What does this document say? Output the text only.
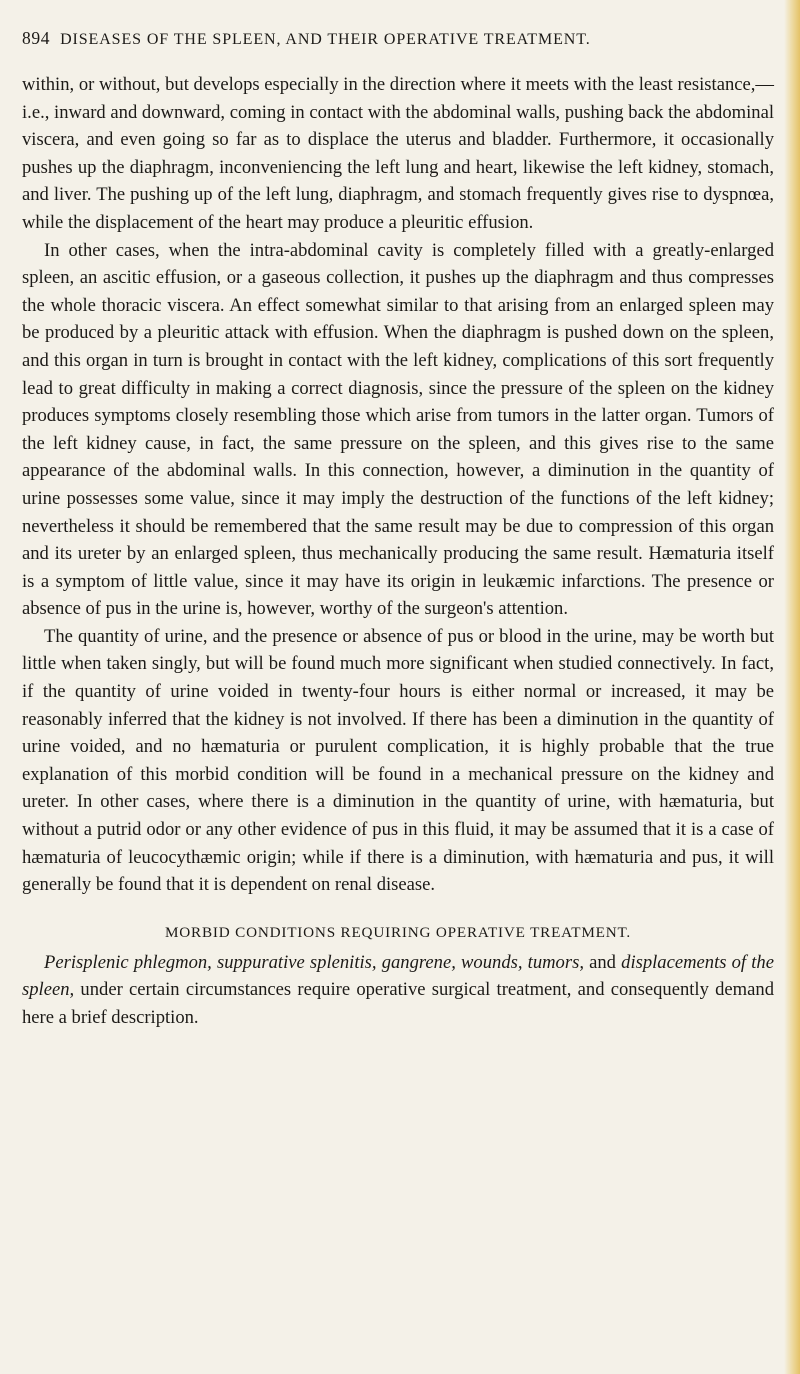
894 DISEASES OF THE SPLEEN, AND THEIR OPERATIVE TREATMENT.

within, or without, but develops especially in the direction where it meets with the least resistance,—i.e., inward and downward, coming in contact with the abdominal walls, pushing back the abdominal viscera, and even going so far as to displace the uterus and bladder. Furthermore, it occasionally pushes up the diaphragm, inconveniencing the left lung and heart, likewise the left kidney, stomach, and liver. The pushing up of the left lung, diaphragm, and stomach frequently gives rise to dyspnœa, while the displacement of the heart may produce a pleuritic effusion.

In other cases, when the intra-abdominal cavity is completely filled with a greatly-enlarged spleen, an ascitic effusion, or a gaseous collection, it pushes up the diaphragm and thus compresses the whole thoracic viscera. An effect somewhat similar to that arising from an enlarged spleen may be produced by a pleuritic attack with effusion. When the diaphragm is pushed down on the spleen, and this organ in turn is brought in contact with the left kidney, complications of this sort frequently lead to great difficulty in making a correct diagnosis, since the pressure of the spleen on the kidney produces symptoms closely resembling those which arise from tumors in the latter organ. Tumors of the left kidney cause, in fact, the same pressure on the spleen, and this gives rise to the same appearance of the abdominal walls. In this connection, however, a diminution in the quantity of urine possesses some value, since it may imply the destruction of the functions of the left kidney; nevertheless it should be remembered that the same result may be due to compression of this organ and its ureter by an enlarged spleen, thus mechanically producing the same result. Hæmaturia itself is a symptom of little value, since it may have its origin in leukæmic infarctions. The presence or absence of pus in the urine is, however, worthy of the surgeon's attention.

The quantity of urine, and the presence or absence of pus or blood in the urine, may be worth but little when taken singly, but will be found much more significant when studied connectively. In fact, if the quantity of urine voided in twenty-four hours is either normal or increased, it may be reasonably inferred that the kidney is not involved. If there has been a diminution in the quantity of urine voided, and no hæmaturia or purulent complication, it is highly probable that the true explanation of this morbid condition will be found in a mechanical pressure on the kidney and ureter. In other cases, where there is a diminution in the quantity of urine, with hæmaturia, but without a putrid odor or any other evidence of pus in this fluid, it may be assumed that it is a case of hæmaturia of leucocythæmic origin; while if there is a diminution, with hæmaturia and pus, it will generally be found that it is dependent on renal disease.

MORBID CONDITIONS REQUIRING OPERATIVE TREATMENT.

Perisplenic phlegmon, suppurative splenitis, gangrene, wounds, tumors, and displacements of the spleen, under certain circumstances require operative surgical treatment, and consequently demand here a brief description.
